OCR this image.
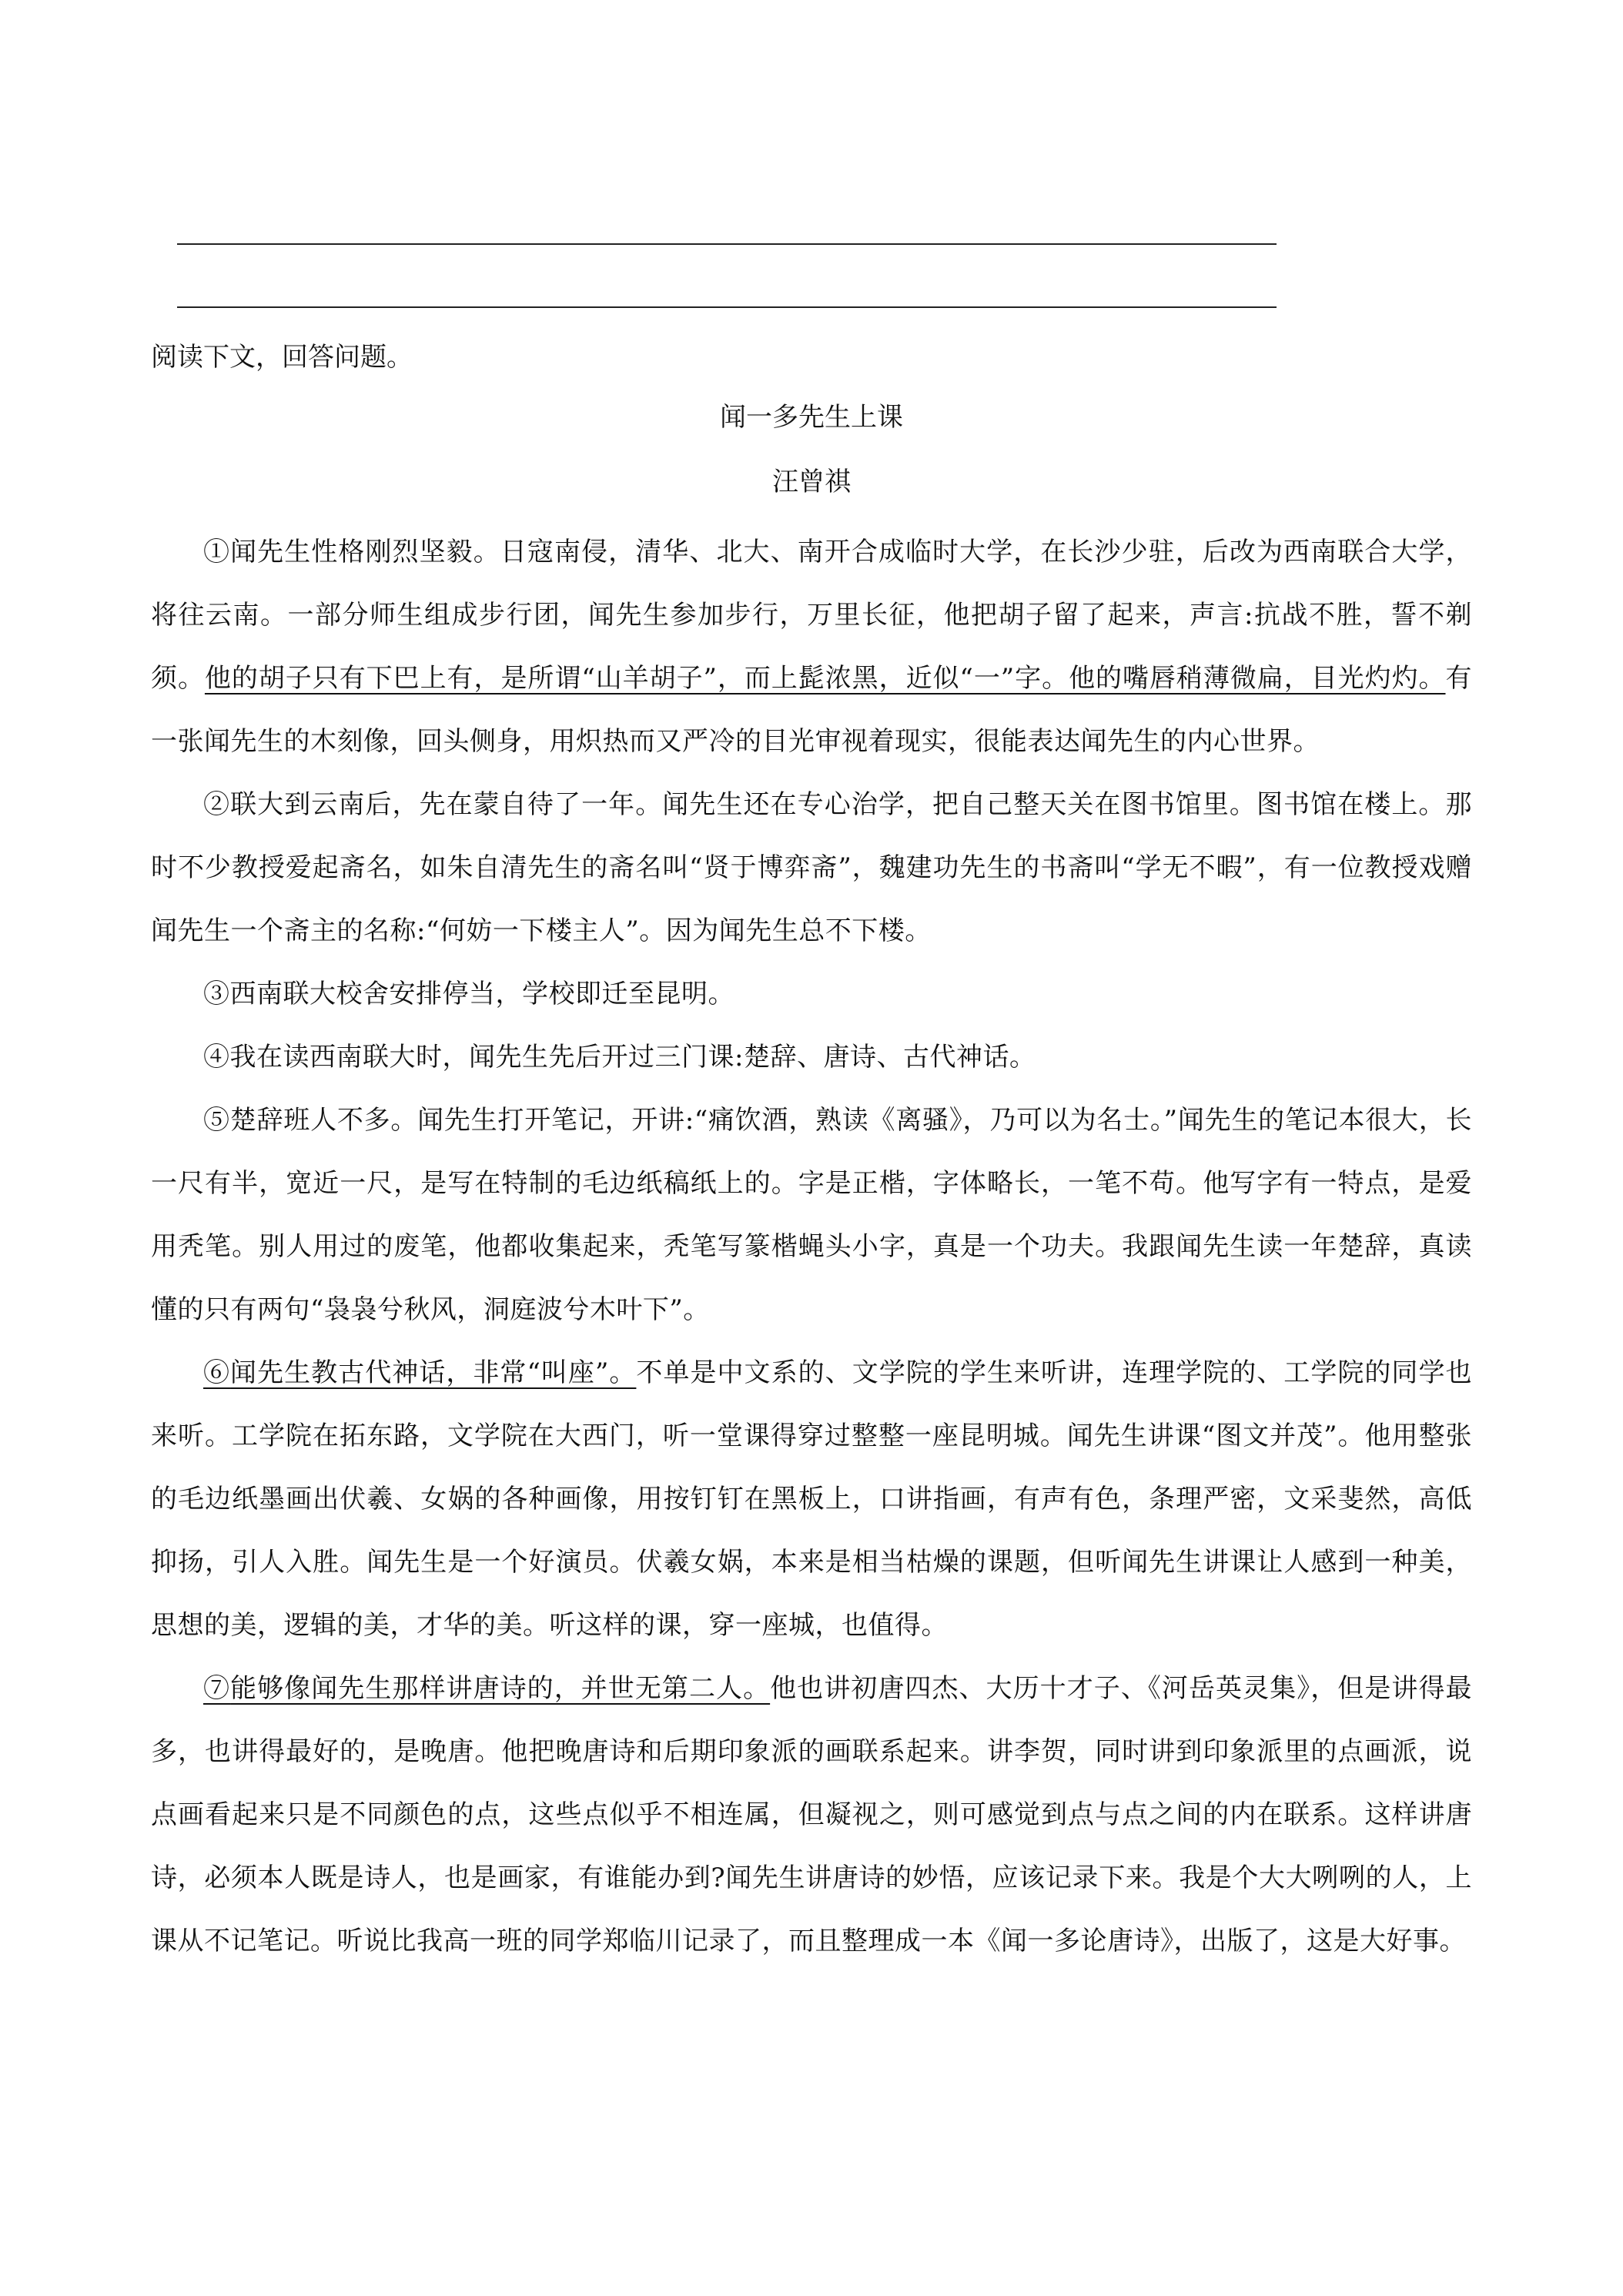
阅读下文，回答问题。

闻一多先生上课
汪曾祺

①闻先生性格刚烈坚毅。日寇南侵，清华、北大、南开合成临时大学，在长沙少驻，后改为西南联合大学，将往云南。一部分师生组成步行团，闻先生参加步行，万里长征，他把胡子留了起来，声言:抗战不胜，誓不剃须。他的胡子只有下巴上有，是所谓“山羊胡子”，而上髭浓黑，近似“一”字。他的嘴唇稍薄微扁，目光灼灼。有一张闻先生的木刻像，回头侧身，用炽热而又严冷的目光审视着现实，很能表达闻先生的内心世界。

②联大到云南后，先在蒙自待了一年。闻先生还在专心治学，把自己整天关在图书馆里。图书馆在楼上。那时不少教授爱起斋名，如朱自清先生的斋名叫“贤于博弈斋”，魏建功先生的书斋叫“学无不暇”，有一位教授戏赠闻先生一个斋主的名称:“何妨一下楼主人”。因为闻先生总不下楼。

③西南联大校舍安排停当，学校即迁至昆明。

④我在读西南联大时，闻先生先后开过三门课:楚辞、唐诗、古代神话。

⑤楚辞班人不多。闻先生打开笔记，开讲:“痛饮酒，熟读《离骚》，乃可以为名士。”闻先生的笔记本很大，长一尺有半，宽近一尺，是写在特制的毛边纸稿纸上的。字是正楷，字体略长，一笔不苟。他写字有一特点，是爱用秃笔。别人用过的废笔，他都收集起来，秃笔写篆楷蝇头小字，真是一个功夫。我跟闻先生读一年楚辞，真读懂的只有两句“袅袅兮秋风，洞庭波兮木叶下”。

⑥闻先生教古代神话，非常“叫座”。不单是中文系的、文学院的学生来听讲，连理学院的、工学院的同学也来听。工学院在拓东路，文学院在大西门，听一堂课得穿过整整一座昆明城。闻先生讲课“图文并茂”。他用整张的毛边纸墨画出伏羲、女娲的各种画像，用按钉钉在黑板上，口讲指画，有声有色，条理严密，文采斐然，高低抑扬，引人入胜。闻先生是一个好演员。伏羲女娲，本来是相当枯燥的课题，但听闻先生讲课让人感到一种美，思想的美，逻辑的美，才华的美。听这样的课，穿一座城，也值得。

⑦能够像闻先生那样讲唐诗的，并世无第二人。他也讲初唐四杰、大历十才子、《河岳英灵集》，但是讲得最多，也讲得最好的，是晚唐。他把晚唐诗和后期印象派的画联系起来。讲李贺，同时讲到印象派里的点画派，说点画看起来只是不同颜色的点，这些点似乎不相连属，但凝视之，则可感觉到点与点之间的内在联系。这样讲唐诗，必须本人既是诗人，也是画家，有谁能办到?闻先生讲唐诗的妙悟，应该记录下来。我是个大大咧咧的人，上课从不记笔记。听说比我高一班的同学郑临川记录了，而且整理成一本《闻一多论唐诗》，出版了，这是大好事。
